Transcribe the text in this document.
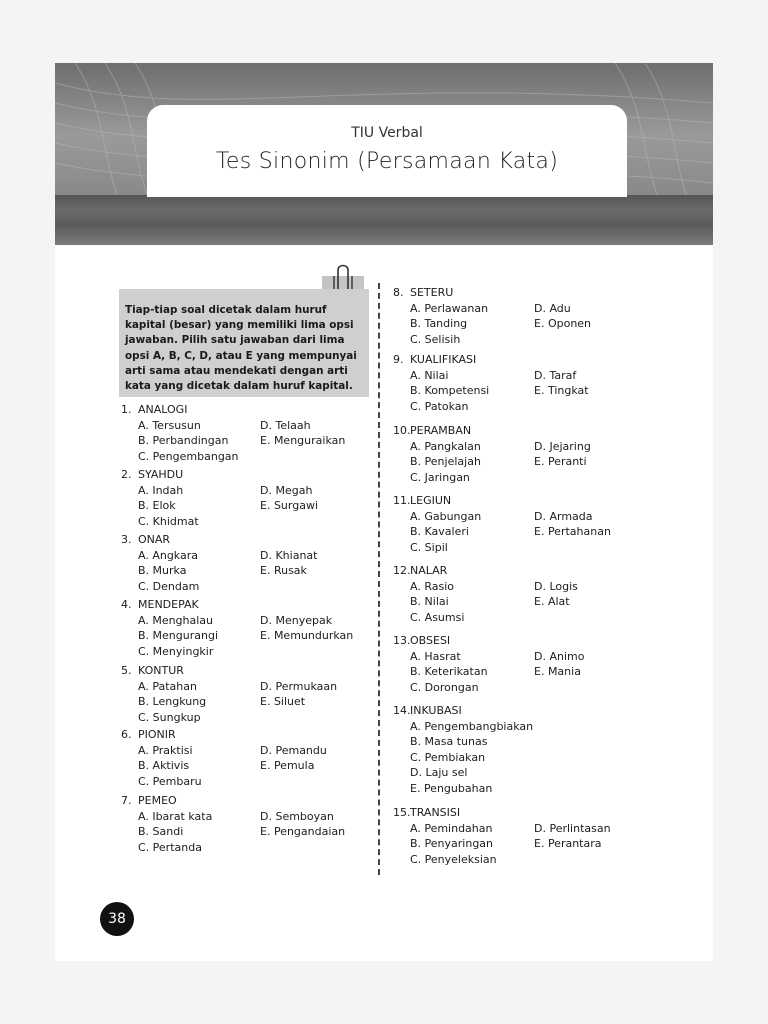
TIU Verbal
Tes Sinonim (Persamaan Kata)
Tiap-tiap soal dicetak dalam huruf kapital (besar) yang memiliki lima opsi jawaban. Pilih satu jawaban dari lima opsi A, B, C, D, atau E yang mempunyai arti sama atau mendekati dengan arti kata yang dicetak dalam huruf kapital.
1. ANALOGI
A. Tersusun	D. Telaah
B. Perbandingan	E. Menguraikan
C. Pengembangan
2. SYAHDU
A. Indah	D. Megah
B. Elok	E. Surgawi
C. Khidmat
3. ONAR
A. Angkara	D. Khianat
B. Murka	E. Rusak
C. Dendam
4. MENDEPAK
A. Menghalau	D. Menyepak
B. Mengurangi	E. Memundurkan
C. Menyingkir
5. KONTUR
A. Patahan	D. Permukaan
B. Lengkung	E. Siluet
C. Sungkup
6. PIONIR
A. Praktisi	D. Pemandu
B. Aktivis	E. Pemula
C. Pembaru
7. PEMEO
A. Ibarat kata	D. Semboyan
B. Sandi	E. Pengandaian
C. Pertanda
8. SETERU
A. Perlawanan	D. Adu
B. Tanding	E. Oponen
C. Selisih
9. KUALIFIKASI
A. Nilai	D. Taraf
B. Kompetensi	E. Tingkat
C. Patokan
10. PERAMBAN
A. Pangkalan	D. Jejaring
B. Penjelajah	E. Peranti
C. Jaringan
11. LEGIUN
A. Gabungan	D. Armada
B. Kavaleri	E. Pertahanan
C. Sipil
12. NALAR
A. Rasio	D. Logis
B. Nilai	E. Alat
C. Asumsi
13. OBSESI
A. Hasrat	D. Animo
B. Keterikatan	E. Mania
C. Dorongan
14. INKUBASI
A. Pengembangbiakan
B. Masa tunas
C. Pembiakan
D. Laju sel
E. Pengubahan
15. TRANSISI
A. Pemindahan	D. Perlintasan
B. Penyaringan	E. Perantara
C. Penyeleksian
38
